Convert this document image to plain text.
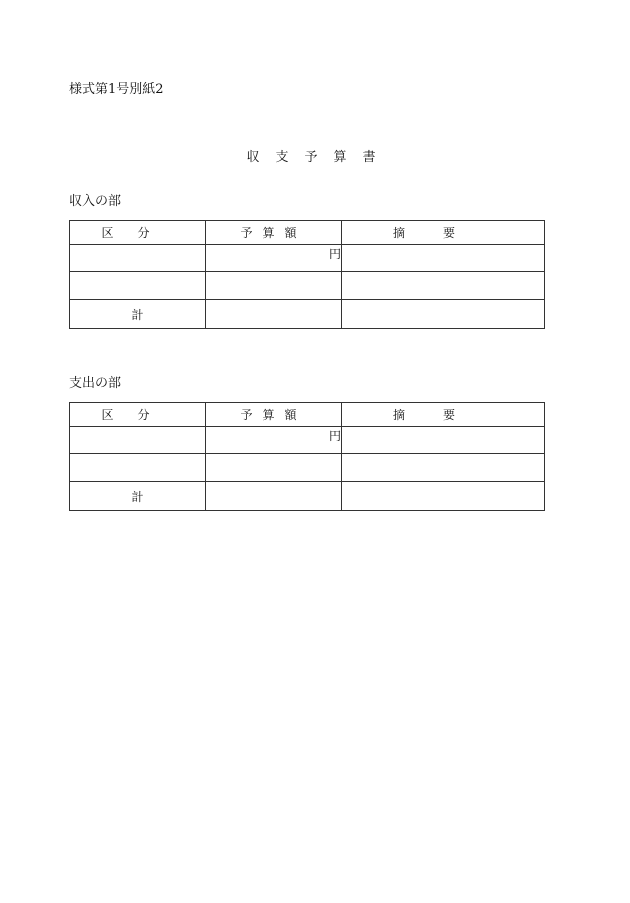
様式第1号別紙2
収支予算書
収入の部
区分	予算額	摘要
	円	

計		
支出の部
区分	予算額	摘要
	円	

計		
